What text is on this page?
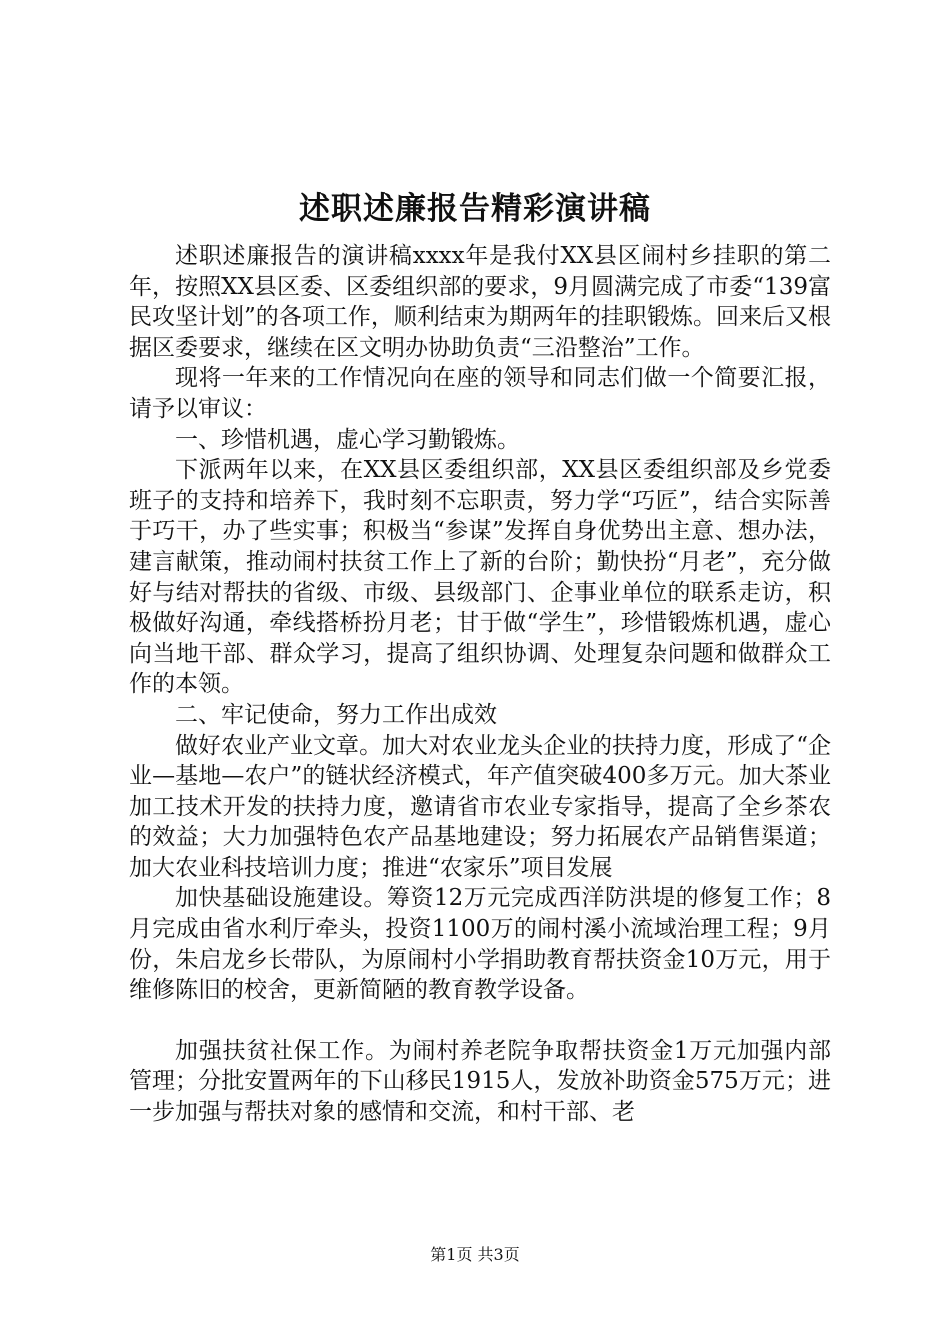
述职述廉报告精彩演讲稿

述职述廉报告的演讲稿xxxx年是我付XX县区闹村乡挂职的第二年，按照XX县区委、区委组织部的要求，9月圆满完成了市委“139富民攻坚计划”的各项工作，顺利结束为期两年的挂职锻炼。回来后又根据区委要求，继续在区文明办协助负责“三沿整治”工作。

现将一年来的工作情况向在座的领导和同志们做一个简要汇报，请予以审议：

一、珍惜机遇，虚心学习勤锻炼。

下派两年以来，在XX县区委组织部，XX县区委组织部及乡党委班子的支持和培养下，我时刻不忘职责，努力学“巧匠”，结合实际善于巧干，办了些实事；积极当“参谋”发挥自身优势出主意、想办法，建言献策，推动闹村扶贫工作上了新的台阶；勤快扮“月老”，充分做好与结对帮扶的省级、市级、县级部门、企事业单位的联系走访，积极做好沟通，牵线搭桥扮月老；甘于做“学生”，珍惜锻炼机遇，虚心向当地干部、群众学习，提高了组织协调、处理复杂问题和做群众工作的本领。

二、牢记使命，努力工作出成效

做好农业产业文章。加大对农业龙头企业的扶持力度，形成了“企业—基地—农户”的链状经济模式，年产值突破400多万元。加大茶业加工技术开发的扶持力度，邀请省市农业专家指导，提高了全乡茶农的效益；大力加强特色农产品基地建设；努力拓展农产品销售渠道；加大农业科技培训力度；推进“农家乐”项目发展

加快基础设施建设。筹资12万元完成西洋防洪堤的修复工作；8月完成由省水利厅牵头，投资1100万的闹村溪小流域治理工程；9月份，朱启龙乡长带队，为原闹村小学捐助教育帮扶资金10万元，用于维修陈旧的校舍，更新简陋的教育教学设备。

加强扶贫社保工作。为闹村养老院争取帮扶资金1万元加强内部管理；分批安置两年的下山移民1915人，发放补助资金575万元；进一步加强与帮扶对象的感情和交流，和村干部、老

第1页 共3页
